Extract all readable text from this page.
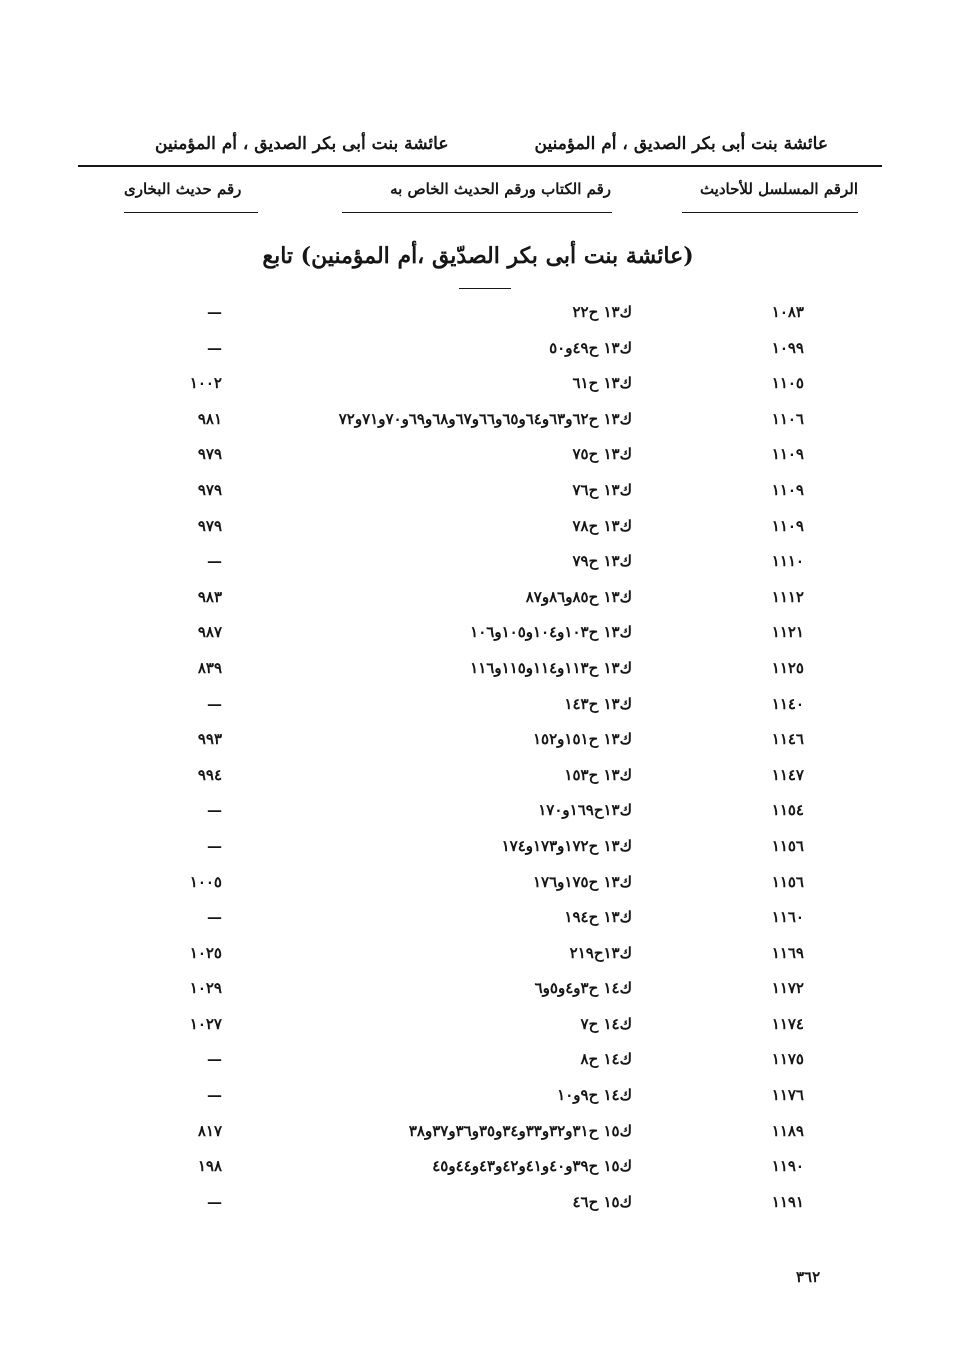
عائشة بنت أبى بكر الصديق ، أم المؤمنين
عائشة بنت أبى بكر الصديق ، أم المؤمنين
الرقم المسلسل للأحاديث
رقم الكتاب ورقم الحديث الخاص به
رقم حديث البخارى
(عائشة بنت أبى بكر الصدّيق ،أم المؤمنين) تابع
١٠٨٣
ك١٣ ح٢٢
—
١٠٩٩
ك١٣ ح٤٩و٥٠
—
١١٠٥
ك١٣ ح٦١
١٠٠٢
١١٠٦
ك١٣ ح٦٢و٦٣و٦٤و٦٥و٦٦و٦٧و٦٨و٦٩و٧٠و٧١و٧٢
٩٨١
١١٠٩
ك١٣ ح٧٥
٩٧٩
١١٠٩
ك١٣ ح٧٦
٩٧٩
١١٠٩
ك١٣ ح٧٨
٩٧٩
١١١٠
ك١٣ ح٧٩
—
١١١٢
ك١٣ ح٨٥و٨٦و٨٧
٩٨٣
١١٢١
ك١٣ ح١٠٣و١٠٤و١٠٥و١٠٦
٩٨٧
١١٢٥
ك١٣ ح١١٣و١١٤و١١٥و١١٦
٨٣٩
١١٤٠
ك١٣ ح١٤٣
—
١١٤٦
ك١٣ ح١٥١و١٥٢
٩٩٣
١١٤٧
ك١٣ ح١٥٣
٩٩٤
١١٥٤
ك١٣ح١٦٩و١٧٠
—
١١٥٦
ك١٣ ح١٧٢و١٧٣و١٧٤
—
١١٥٦
ك١٣ ح١٧٥و١٧٦
١٠٠٥
١١٦٠
ك١٣ ح١٩٤
—
١١٦٩
ك١٣ح٢١٩
١٠٢٥
١١٧٢
ك١٤ ح٣و٤و٥و٦
١٠٢٩
١١٧٤
ك١٤ ح٧
١٠٢٧
١١٧٥
ك١٤ ح٨
—
١١٧٦
ك١٤ ح٩و١٠
—
١١٨٩
ك١٥ ح٣١و٣٢و٣٣و٣٤و٣٥و٣٦و٣٧و٣٨
٨١٧
١١٩٠
ك١٥ ح٣٩و٤٠و٤١و٤٢و٤٣و٤٤و٤٥
١٩٨
١١٩١
ك١٥ ح٤٦
—
٣٦٢
